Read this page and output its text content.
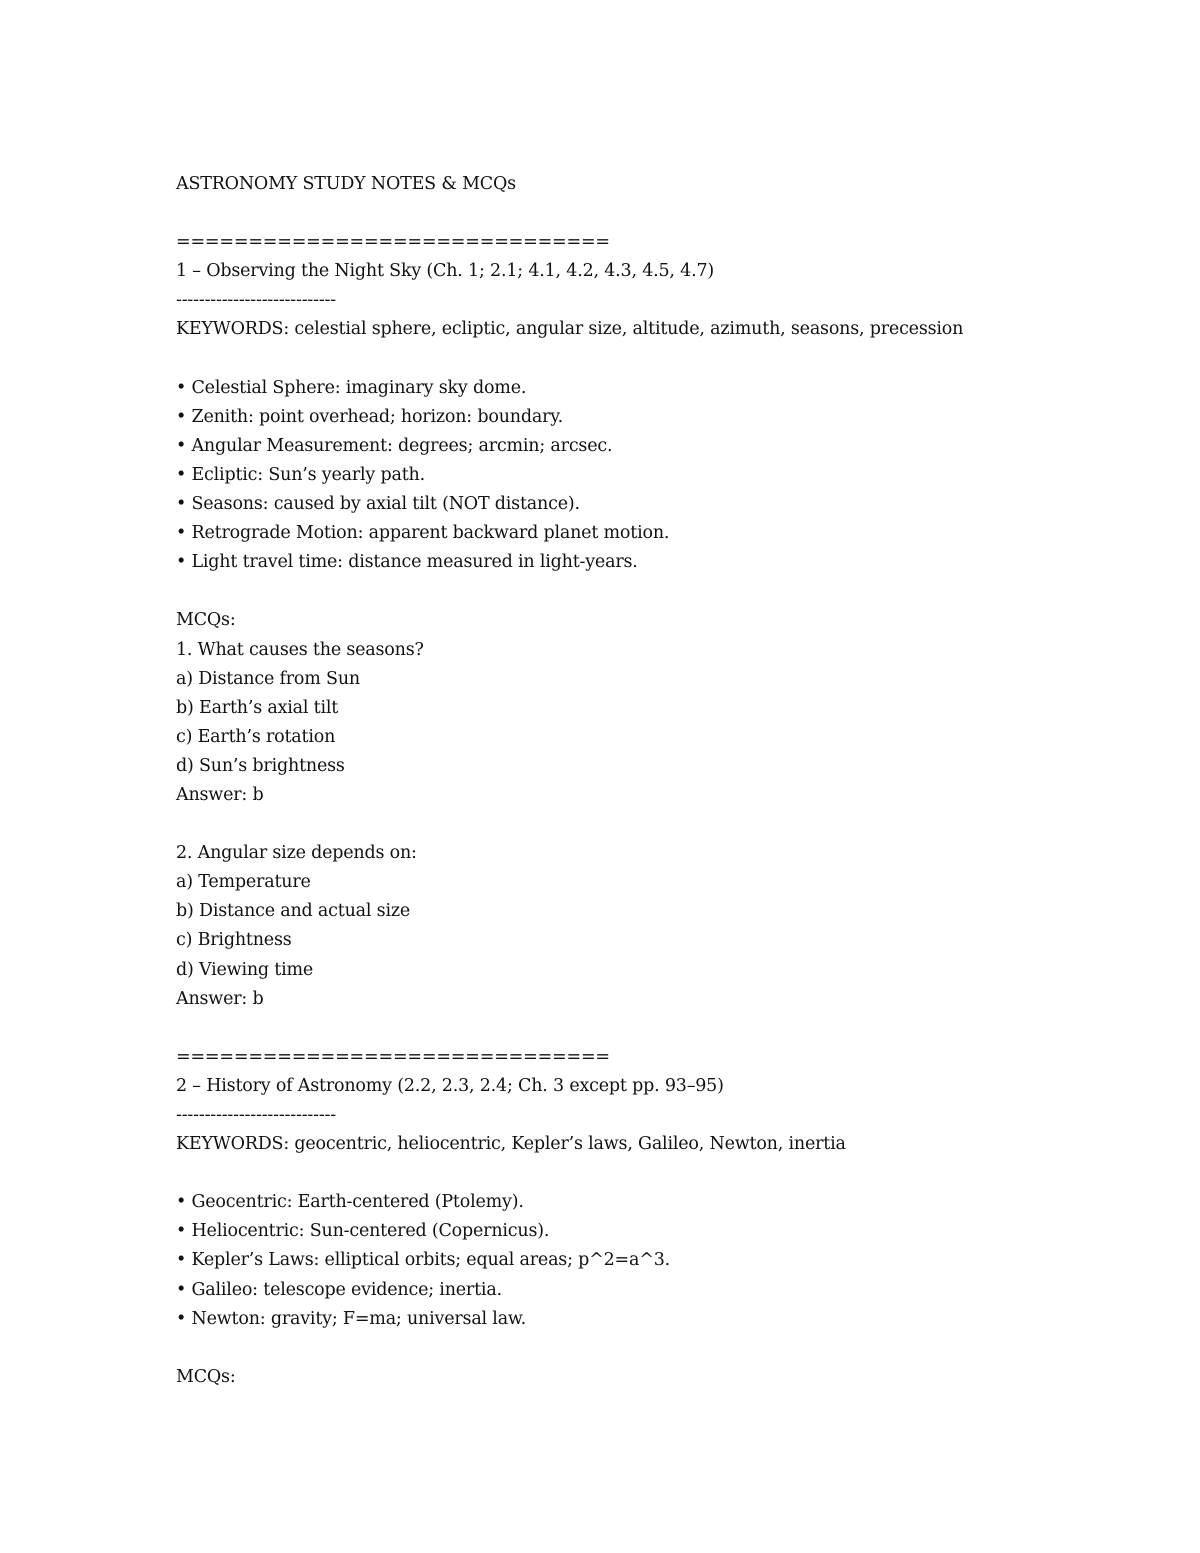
ASTRONOMY STUDY NOTES & MCQs
==============================
1 – Observing the Night Sky (Ch. 1; 2.1; 4.1, 4.2, 4.3, 4.5, 4.7)
----------------------------
KEYWORDS: celestial sphere, ecliptic, angular size, altitude, azimuth, seasons, precession
• Celestial Sphere: imaginary sky dome.
• Zenith: point overhead; horizon: boundary.
• Angular Measurement: degrees; arcmin; arcsec.
• Ecliptic: Sun’s yearly path.
• Seasons: caused by axial tilt (NOT distance).
• Retrograde Motion: apparent backward planet motion.
• Light travel time: distance measured in light-years.
MCQs:
1. What causes the seasons?
a) Distance from Sun
b) Earth’s axial tilt
c) Earth’s rotation
d) Sun’s brightness
Answer: b
2. Angular size depends on:
a) Temperature
b) Distance and actual size
c) Brightness
d) Viewing time
Answer: b
==============================
2 – History of Astronomy (2.2, 2.3, 2.4; Ch. 3 except pp. 93–95)
----------------------------
KEYWORDS: geocentric, heliocentric, Kepler’s laws, Galileo, Newton, inertia
• Geocentric: Earth-centered (Ptolemy).
• Heliocentric: Sun-centered (Copernicus).
• Kepler’s Laws: elliptical orbits; equal areas; p^2=a^3.
• Galileo: telescope evidence; inertia.
• Newton: gravity; F=ma; universal law.
MCQs:
